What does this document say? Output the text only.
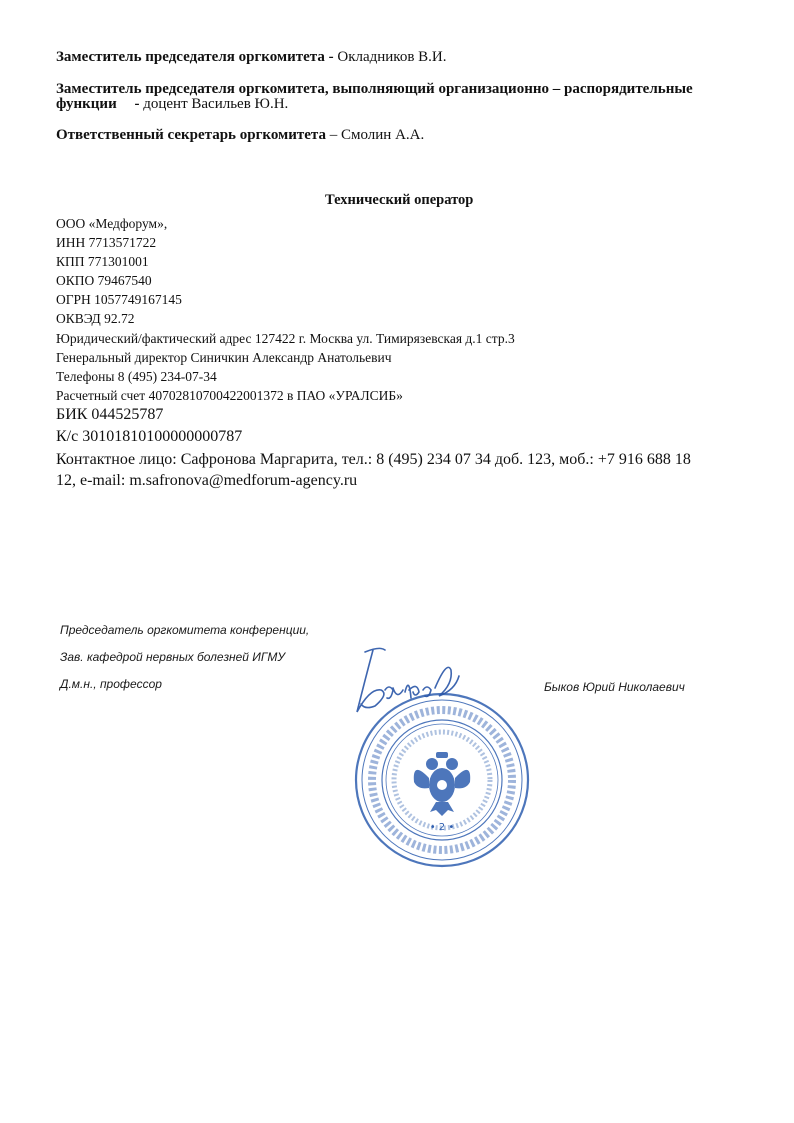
Заместитель председателя оргкомитета - Окладников В.И.
Заместитель председателя оргкомитета, выполняющий организационно – распорядительные
функции - доцент Васильев Ю.Н.
Ответственный секретарь оргкомитета – Смолин А.А.
Технический оператор
ООО «Медфорум»,
ИНН 7713571722
КПП 771301001
ОКПО 79467540
ОГРН 1057749167145
ОКВЭД 92.72
Юридический/фактический адрес 127422 г. Москва ул. Тимирязевская д.1 стр.3
Генеральный директор Синичкин Александр Анатольевич
Телефоны 8 (495) 234-07-34
Расчетный счет 40702810700422001372 в ПАО «УРАЛСИБ»
БИК 044525787
К/с 30101810100000000787
Контактное лицо: Сафронова Маргарита, тел.: 8 (495) 234 07 34 доб. 123, моб.: +7 916 688 18
12, e-mail: m.safronova@medforum-agency.ru
Председатель оргкомитета конференции,
Зав. кафедрой нервных болезней ИГМУ
Д.м.н., профессор	Быков Юрий Николаевич
• 2 •
